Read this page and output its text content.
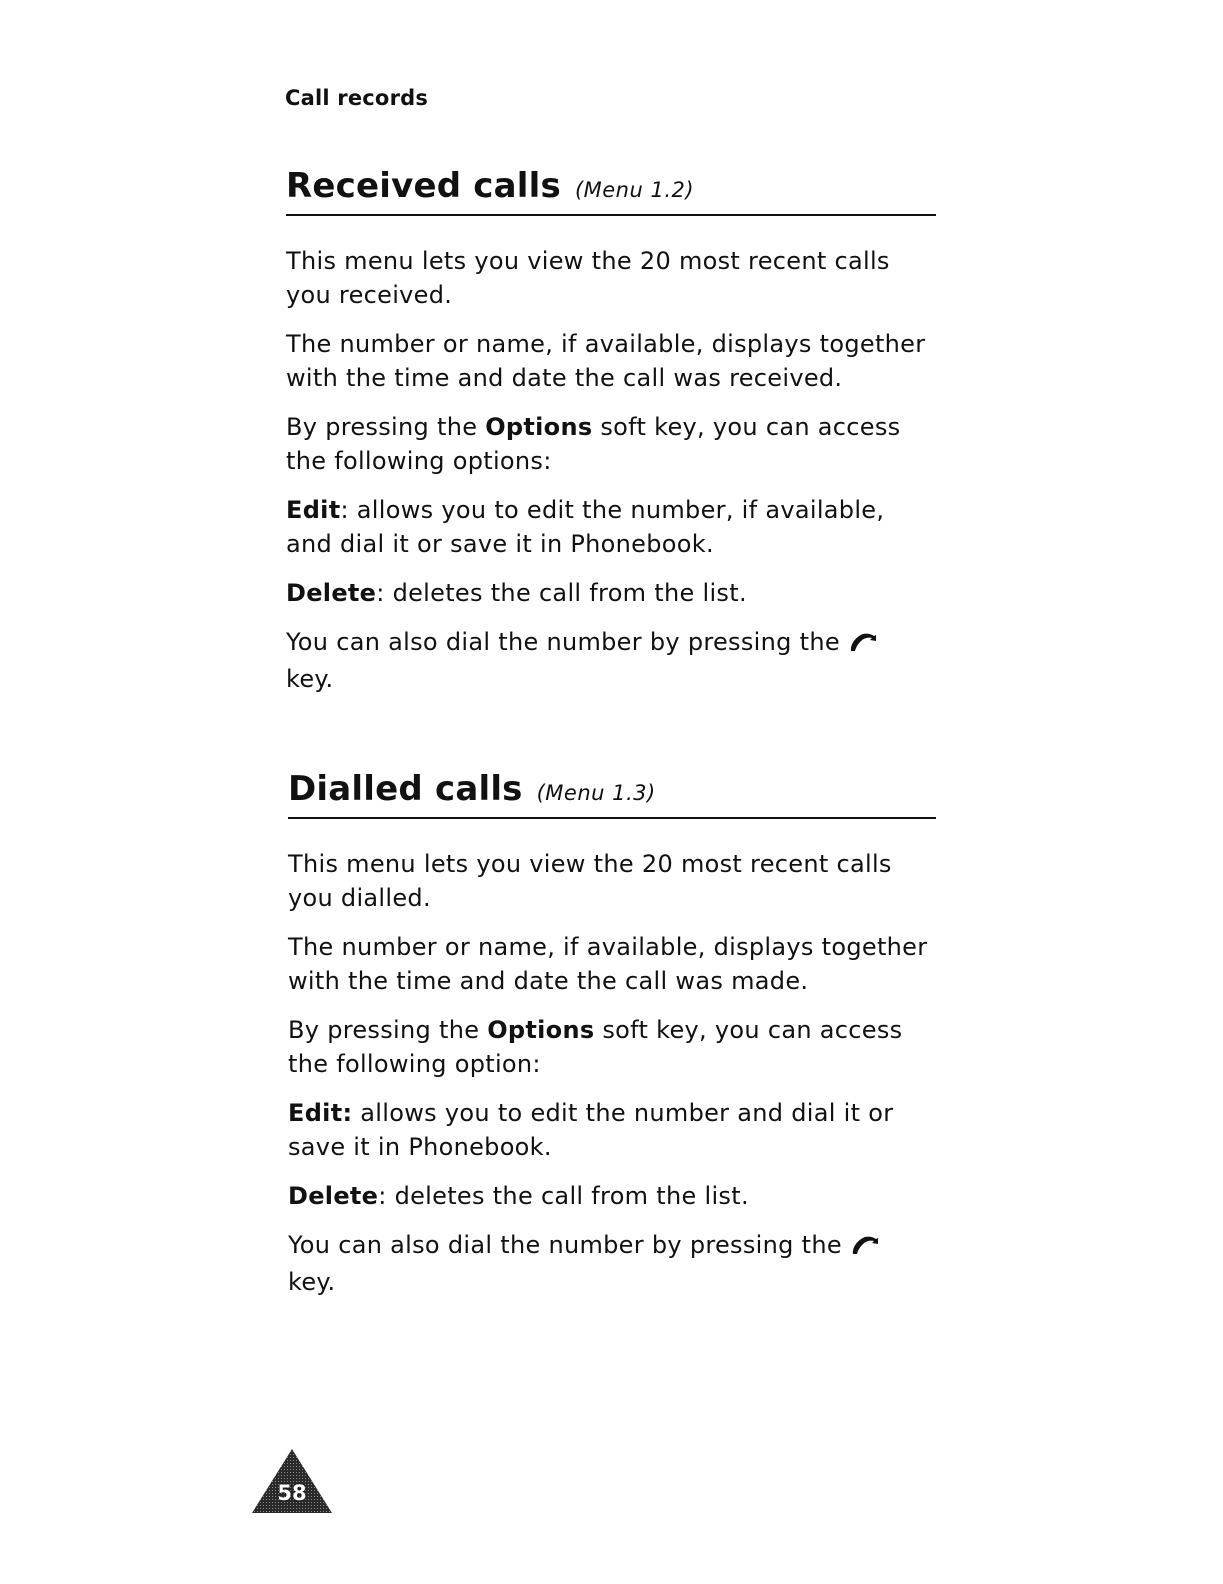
Call records
Received calls (Menu 1.2)

This menu lets you view the 20 most recent calls you received.

The number or name, if available, displays together with the time and date the call was received.

By pressing the Options soft key, you can access the following options:

Edit: allows you to edit the number, if available, and dial it or save it in Phonebook.

Delete: deletes the call from the list.

You can also dial the number by pressing the
key.

Dialled calls (Menu 1.3)

This menu lets you view the 20 most recent calls you dialled.

The number or name, if available, displays together with the time and date the call was made.

By pressing the Options soft key, you can access the following option:

Edit: allows you to edit the number and dial it or save it in Phonebook.

Delete: deletes the call from the list.

You can also dial the number by pressing the
key.

58
